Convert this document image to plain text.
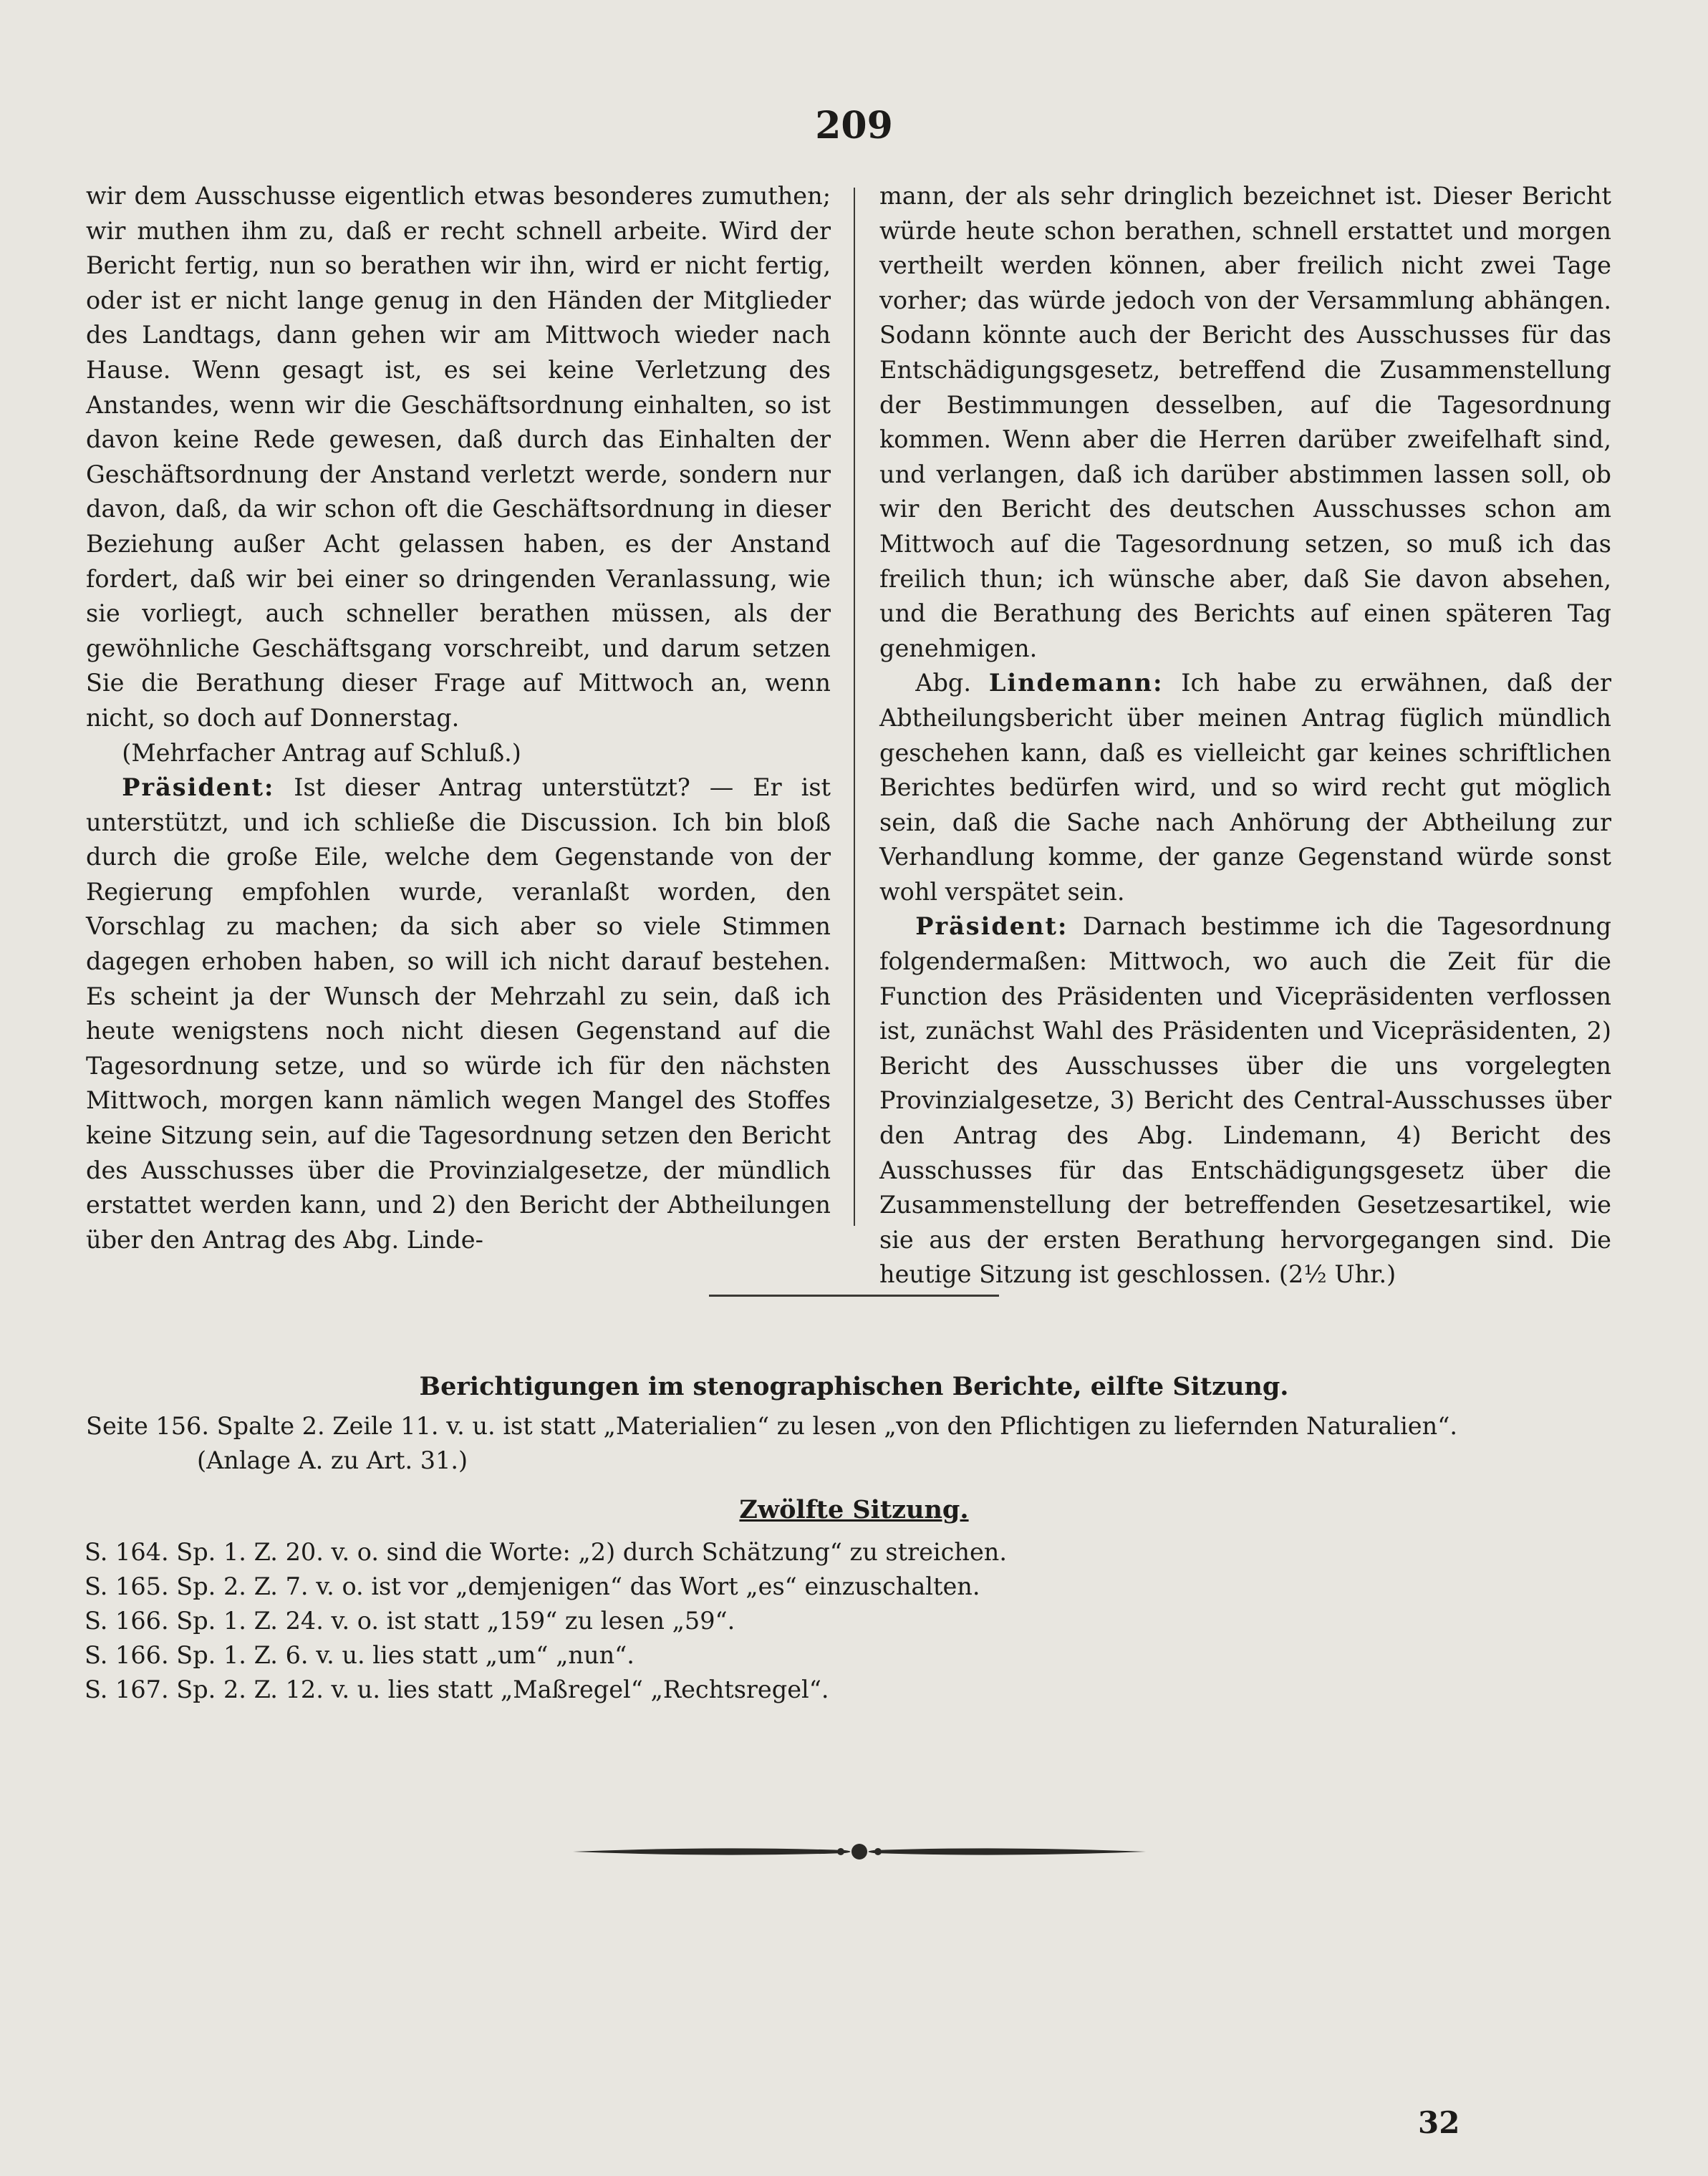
209

wir dem Ausschusse eigentlich etwas besonderes zumuthen; wir muthen ihm zu, daß er recht schnell arbeite. Wird der Bericht fertig, nun so berathen wir ihn, wird er nicht fertig, oder ist er nicht lange genug in den Händen der Mitglieder des Landtags, dann gehen wir am Mittwoch wieder nach Hause. Wenn gesagt ist, es sei keine Verletzung des Anstandes, wenn wir die Geschäftsordnung einhalten, so ist davon keine Rede gewesen, daß durch das Einhalten der Geschäftsordnung der Anstand verletzt werde, sondern nur davon, daß, da wir schon oft die Geschäftsordnung in dieser Beziehung außer Acht gelassen haben, es der Anstand fordert, daß wir bei einer so dringenden Veranlassung, wie sie vorliegt, auch schneller berathen müssen, als der gewöhnliche Geschäftsgang vorschreibt, und darum setzen Sie die Berathung dieser Frage auf Mittwoch an, wenn nicht, so doch auf Donnerstag.

(Mehrfacher Antrag auf Schluß.)

Präsident: Ist dieser Antrag unterstützt? — Er ist unterstützt, und ich schließe die Discussion. Ich bin bloß durch die große Eile, welche dem Gegenstande von der Regierung empfohlen wurde, veranlaßt worden, den Vorschlag zu machen; da sich aber so viele Stimmen dagegen erhoben haben, so will ich nicht darauf bestehen. Es scheint ja der Wunsch der Mehrzahl zu sein, daß ich heute wenigstens noch nicht diesen Gegenstand auf die Tagesordnung setze, und so würde ich für den nächsten Mittwoch, morgen kann nämlich wegen Mangel des Stoffes keine Sitzung sein, auf die Tagesordnung setzen den Bericht des Ausschusses über die Provinzialgesetze, der mündlich erstattet werden kann, und 2) den Bericht der Abtheilungen über den Antrag des Abg. Linde-

mann, der als sehr dringlich bezeichnet ist. Dieser Bericht würde heute schon berathen, schnell erstattet und morgen vertheilt werden können, aber freilich nicht zwei Tage vorher; das würde jedoch von der Versammlung abhängen. Sodann könnte auch der Bericht des Ausschusses für das Entschädigungsgesetz, betreffend die Zusammenstellung der Bestimmungen desselben, auf die Tagesordnung kommen. Wenn aber die Herren darüber zweifelhaft sind, und verlangen, daß ich darüber abstimmen lassen soll, ob wir den Bericht des deutschen Ausschusses schon am Mittwoch auf die Tagesordnung setzen, so muß ich das freilich thun; ich wünsche aber, daß Sie davon absehen, und die Berathung des Berichts auf einen späteren Tag genehmigen.

Abg. Lindemann: Ich habe zu erwähnen, daß der Abtheilungsbericht über meinen Antrag füglich mündlich geschehen kann, daß es vielleicht gar keines schriftlichen Berichtes bedürfen wird, und so wird recht gut möglich sein, daß die Sache nach Anhörung der Abtheilung zur Verhandlung komme, der ganze Gegenstand würde sonst wohl verspätet sein.

Präsident: Darnach bestimme ich die Tagesordnung folgendermaßen: Mittwoch, wo auch die Zeit für die Function des Präsidenten und Vicepräsidenten verflossen ist, zunächst Wahl des Präsidenten und Vicepräsidenten, 2) Bericht des Ausschusses über die uns vorgelegten Provinzialgesetze, 3) Bericht des Central-Ausschusses über den Antrag des Abg. Lindemann, 4) Bericht des Ausschusses für das Entschädigungsgesetz über die Zusammenstellung der betreffenden Gesetzesartikel, wie sie aus der ersten Berathung hervorgegangen sind. Die heutige Sitzung ist geschlossen. (2½ Uhr.)

Berichtigungen im stenographischen Berichte, eilfte Sitzung.

Seite 156. Spalte 2. Zeile 11. v. u. ist statt „Materialien“ zu lesen „von den Pflichtigen zu liefernden Naturalien“.

(Anlage A. zu Art. 31.)

Zwölfte Sitzung.
S. 164. Sp. 1. Z. 20. v. o. sind die Worte: „2) durch Schätzung“ zu streichen.
S. 165. Sp. 2. Z. 7. v. o. ist vor „demjenigen“ das Wort „es“ einzuschalten.
S. 166. Sp. 1. Z. 24. v. o. ist statt „159“ zu lesen „59“.
S. 166. Sp. 1. Z. 6. v. u. lies statt „um“ „nun“.
S. 167. Sp. 2. Z. 12. v. u. lies statt „Maßregel“ „Rechtsregel“.
32
